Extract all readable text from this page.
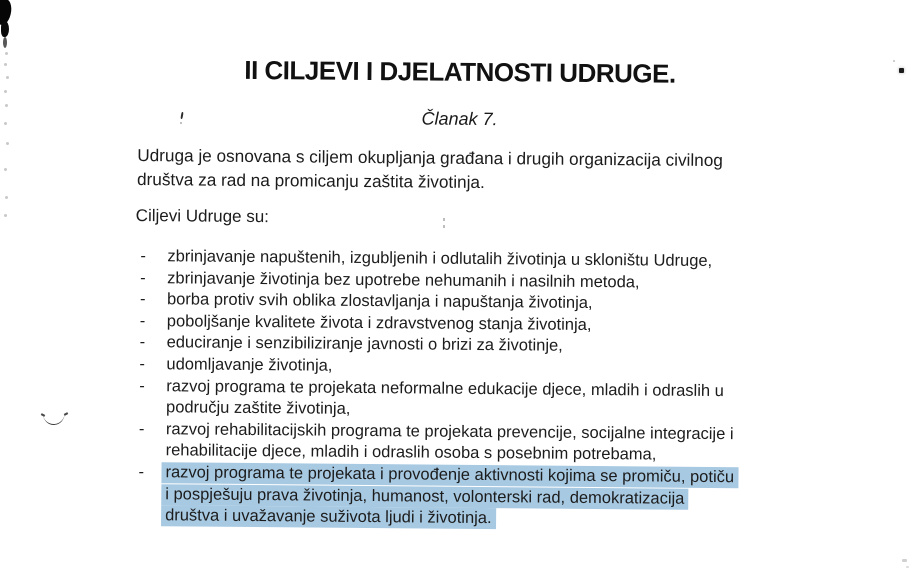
II CILJEVI I DJELATNOSTI UDRUGE.
Članak 7.
Udruga je osnovana s ciljem okupljanja građana i drugih organizacija civilnog
društva za rad na promicanju zaštita životinja.
Ciljevi Udruge su:
-	zbrinjavanje napuštenih, izgubljenih i odlutalih životinja u skloništu Udruge,
-	zbrinjavanje životinja bez upotrebe nehumanih i nasilnih metoda,
-	borba protiv svih oblika zlostavljanja i napuštanja životinja,
-	poboljšanje kvalitete života i zdravstvenog stanja životinja,
-	educiranje i senzibiliziranje javnosti o brizi za životinje,
-	udomljavanje životinja,
-	razvoj programa te projekata neformalne edukacije djece, mladih i odraslih u
području zaštite životinja,
-	razvoj rehabilitacijskih programa te projekata prevencije, socijalne integracije i
rehabilitacije djece, mladih i odraslih osoba s posebnim potrebama,
-	razvoj programa te projekata i provođenje aktivnosti kojima se promiču, potiču
i pospješuju prava životinja, humanost, volonterski rad, demokratizacija
društva i uvažavanje suživota ljudi i životinja.
